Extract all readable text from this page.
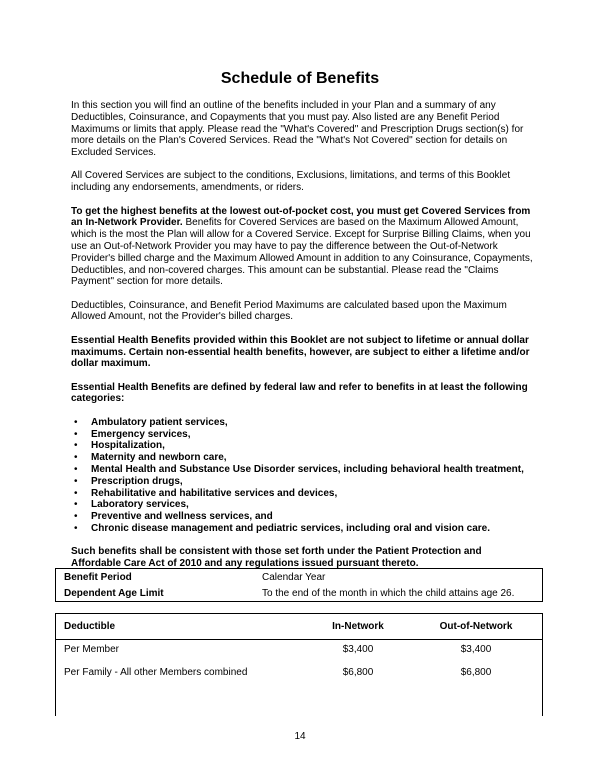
Schedule of Benefits

In this section you will find an outline of the benefits included in your Plan and a summary of any Deductibles, Coinsurance, and Copayments that you must pay. Also listed are any Benefit Period Maximums or limits that apply. Please read the "What's Covered" and Prescription Drugs section(s) for more details on the Plan's Covered Services. Read the "What's Not Covered" section for details on Excluded Services.

All Covered Services are subject to the conditions, Exclusions, limitations, and terms of this Booklet including any endorsements, amendments, or riders.

To get the highest benefits at the lowest out-of-pocket cost, you must get Covered Services from an In-Network Provider. Benefits for Covered Services are based on the Maximum Allowed Amount, which is the most the Plan will allow for a Covered Service. Except for Surprise Billing Claims, when you use an Out-of-Network Provider you may have to pay the difference between the Out-of-Network Provider's billed charge and the Maximum Allowed Amount in addition to any Coinsurance, Copayments, Deductibles, and non-covered charges. This amount can be substantial. Please read the "Claims Payment" section for more details.

Deductibles, Coinsurance, and Benefit Period Maximums are calculated based upon the Maximum Allowed Amount, not the Provider's billed charges.

Essential Health Benefits provided within this Booklet are not subject to lifetime or annual dollar maximums. Certain non-essential health benefits, however, are subject to either a lifetime and/or dollar maximum.

Essential Health Benefits are defined by federal law and refer to benefits in at least the following categories:

• Ambulatory patient services,
• Emergency services,
• Hospitalization,
• Maternity and newborn care,
• Mental Health and Substance Use Disorder services, including behavioral health treatment,
• Prescription drugs,
• Rehabilitative and habilitative services and devices,
• Laboratory services,
• Preventive and wellness services, and
• Chronic disease management and pediatric services, including oral and vision care.

Such benefits shall be consistent with those set forth under the Patient Protection and Affordable Care Act of 2010 and any regulations issued pursuant thereto.

Benefit Period	Calendar Year
Dependent Age Limit	To the end of the month in which the child attains age 26.
Deductible	In-Network	Out-of-Network
Per Member	$3,400	$3,400
Per Family - All other Members combined	$6,800	$6,800
14
